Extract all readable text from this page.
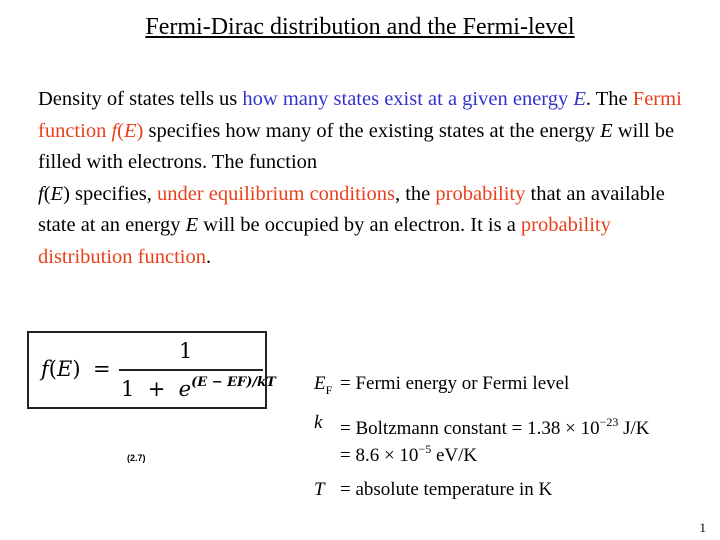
Fermi-Dirac distribution and the Fermi-level
Density of states tells us how many states exist at a given energy E. The Fermi function f(E) specifies how many of the existing states at the energy E will be filled with electrons. The function
f(E) specifies, under equilibrium conditions, the probability that an available state at an energy E will be occupied by an electron. It is a probability distribution function.
f(E) =
1
$1 + e^{(E - EF)/kT}$
(2.7)
$E_F$ = Fermi energy or Fermi level
k = Boltzmann constant = $1.38 \times 10^{-23}$ J/K
= $8.6 \times 10^{-5}$ eV/K
T = absolute temperature in K
1
